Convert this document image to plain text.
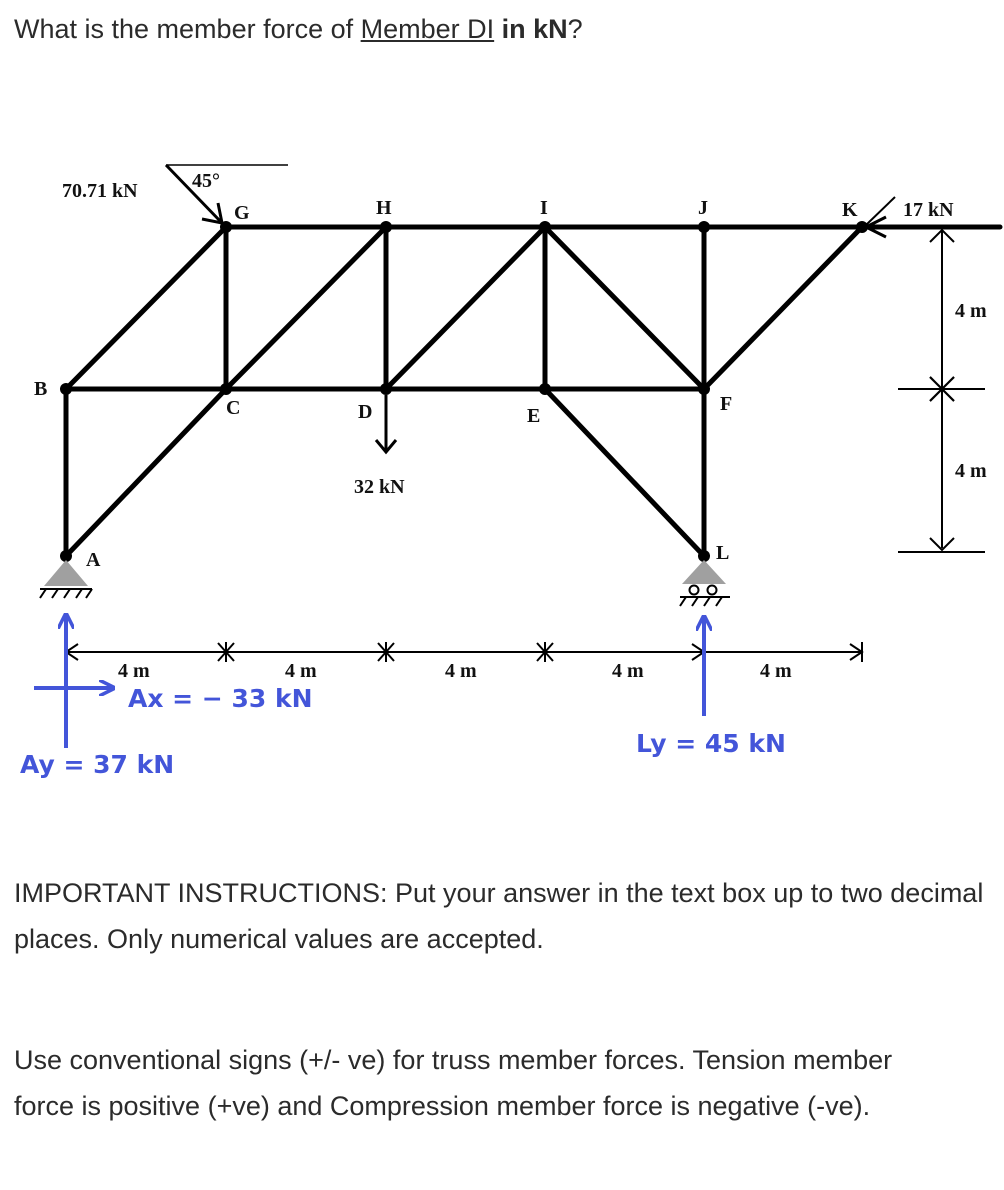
What is the member force of Member DI in kN?
G	H	I	J	K
B
C	D	E
F
A	L
70.71 kN	45°
17 kN
32 kN
4 m
4 m
4 m	4 m	4 m	4 m	4 m
Ax = − 33 kN
Ay = 37 kN
Ly = 45 kN
IMPORTANT INSTRUCTIONS: Put your answer in the text box up to two decimal places. Only numerical values are accepted.
Use conventional signs (+/- ve) for truss member forces. Tension member force is positive (+ve) and Compression member force is negative (-ve).
